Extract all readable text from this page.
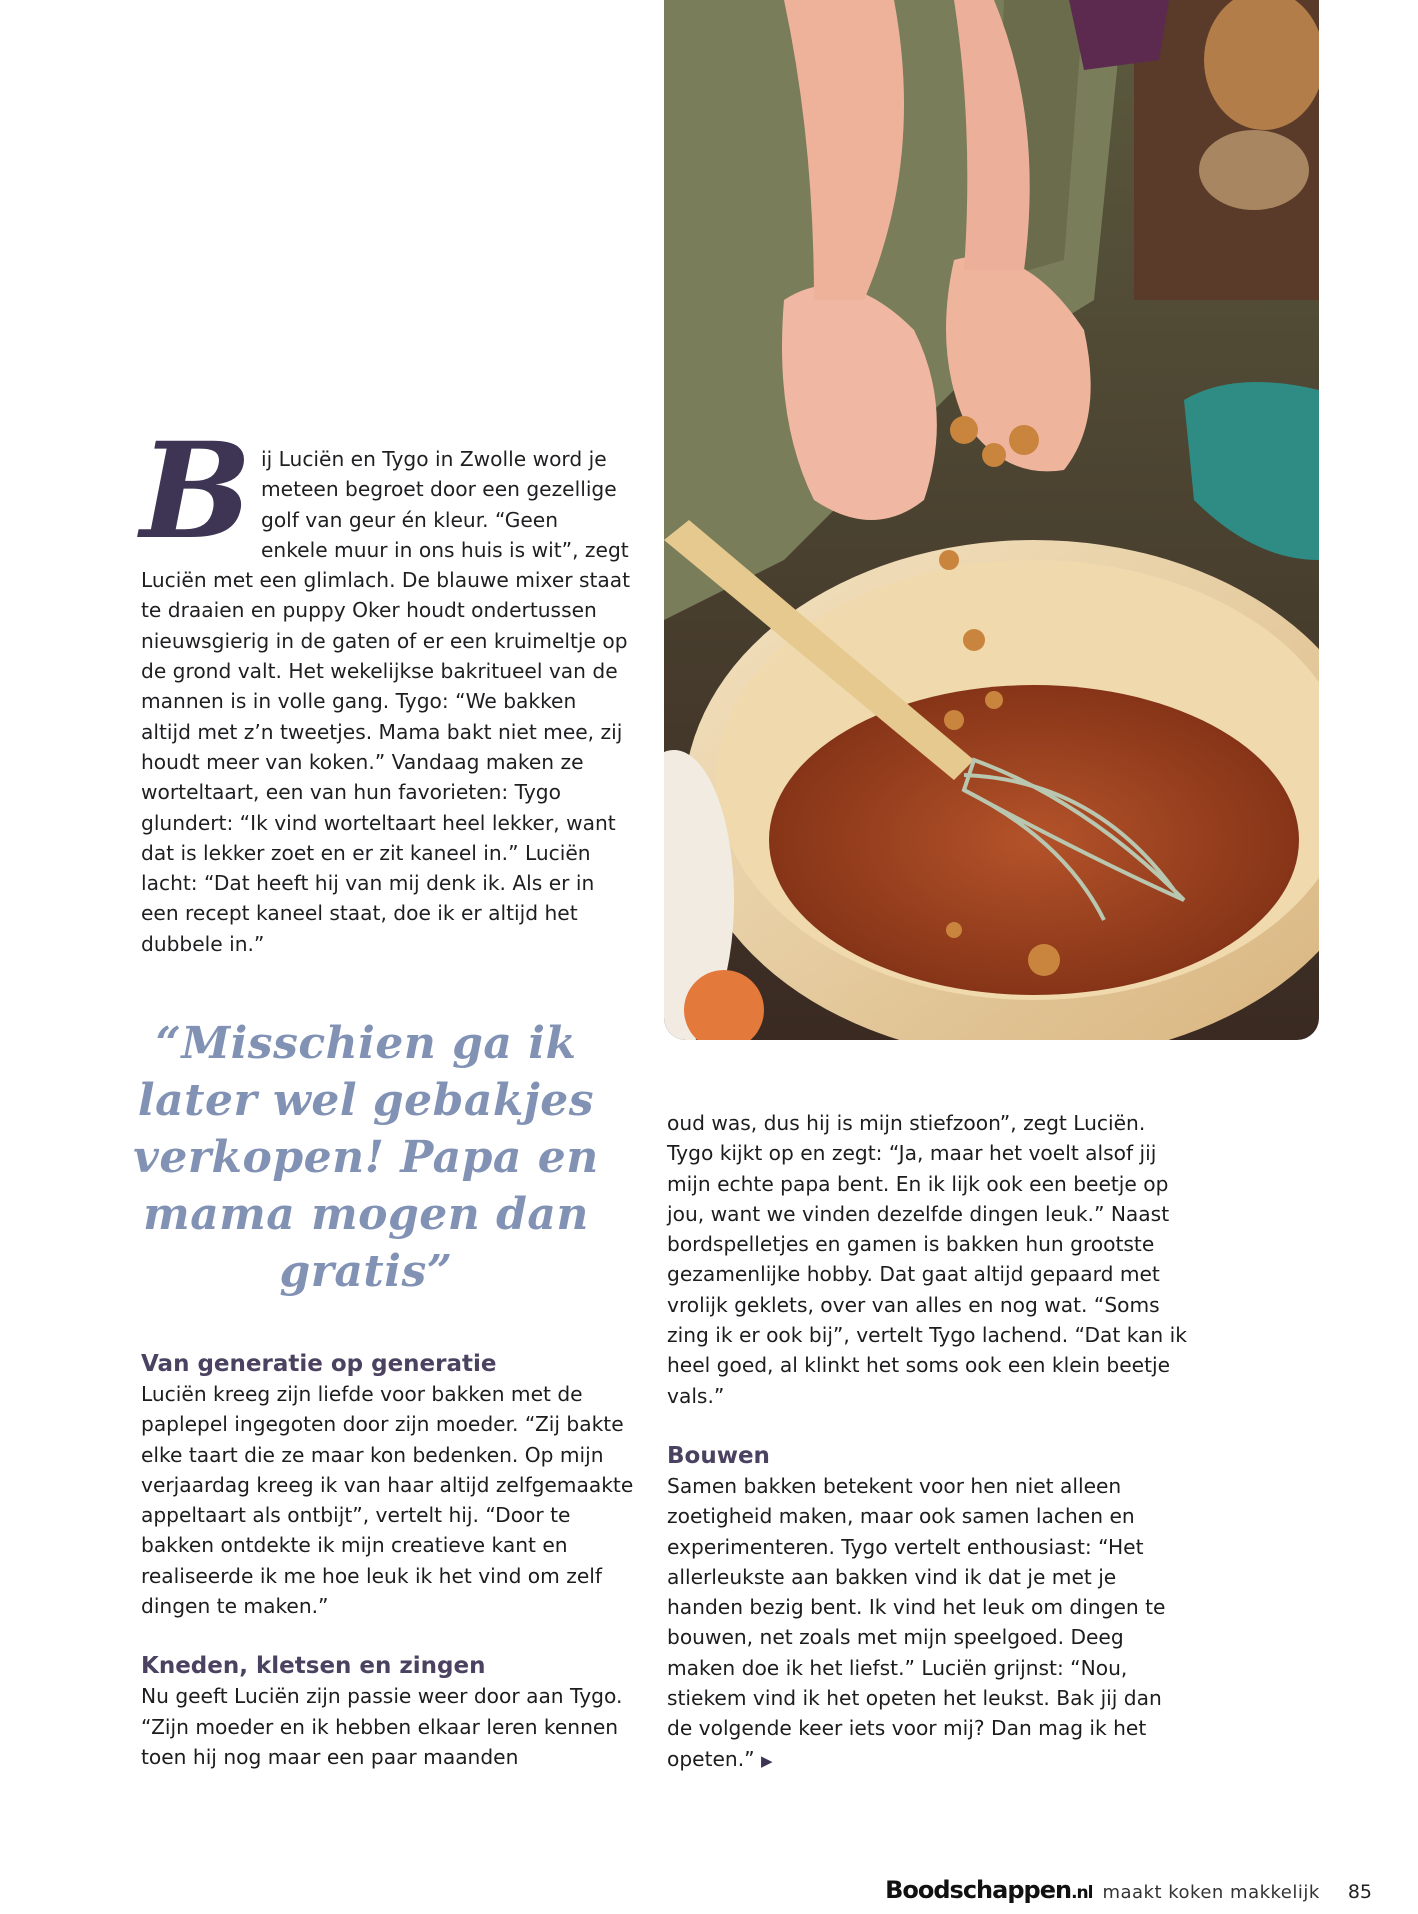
B ij Luciën en Tygo in Zwolle word je meteen begroet door een gezellige golf van geur én kleur. “Geen enkele muur in ons huis is wit”, zegt Luciën met een glimlach. De blauwe mixer staat te draaien en puppy Oker houdt ondertussen nieuwsgierig in de gaten of er een kruimeltje op de grond valt. Het wekelijkse bakritueel van de mannen is in volle gang. Tygo: “We bakken altijd met z’n tweetjes. Mama bakt niet mee, zij houdt meer van koken.” Vandaag maken ze worteltaart, een van hun favorieten: Tygo glundert: “Ik vind worteltaart heel lekker, want dat is lekker zoet en er zit kaneel in.” Luciën lacht: “Dat heeft hij van mij denk ik. Als er in een recept kaneel staat, doe ik er altijd het dubbele in.”
“Misschien ga ik later wel gebakjes verkopen! Papa en mama mogen dan gratis”
Van generatie op generatie

Luciën kreeg zijn liefde voor bakken met de paplepel ingegoten door zijn moeder. “Zij bakte elke taart die ze maar kon bedenken. Op mijn verjaardag kreeg ik van haar altijd zelfgemaakte appeltaart als ontbijt”, vertelt hij. “Door te bakken ontdekte ik mijn creatieve kant en realiseerde ik me hoe leuk ik het vind om zelf dingen te maken.”

Kneden, kletsen en zingen

Nu geeft Luciën zijn passie weer door aan Tygo. “Zijn moeder en ik hebben elkaar leren kennen toen hij nog maar een paar maanden

oud was, dus hij is mijn stiefzoon”, zegt Luciën. Tygo kijkt op en zegt: “Ja, maar het voelt alsof jij mijn echte papa bent. En ik lijk ook een beetje op jou, want we vinden dezelfde dingen leuk.” Naast bordspelletjes en gamen is bakken hun grootste gezamenlijke hobby. Dat gaat altijd gepaard met vrolijk geklets, over van alles en nog wat. “Soms zing ik er ook bij”, vertelt Tygo lachend. “Dat kan ik heel goed, al klinkt het soms ook een klein beetje vals.”

Bouwen

Samen bakken betekent voor hen niet alleen zoetigheid maken, maar ook samen lachen en experimenteren. Tygo vertelt enthousiast: “Het allerleukste aan bakken vind ik dat je met je handen bezig bent. Ik vind het leuk om dingen te bouwen, net zoals met mijn speelgoed. Deeg maken doe ik het liefst.” Luciën grijnst: “Nou, stiekem vind ik het opeten het leukst. Bak jij dan de volgende keer iets voor mij? Dan mag ik het opeten.” ▶

Boodschappen.nl maakt koken makkelijk 85
